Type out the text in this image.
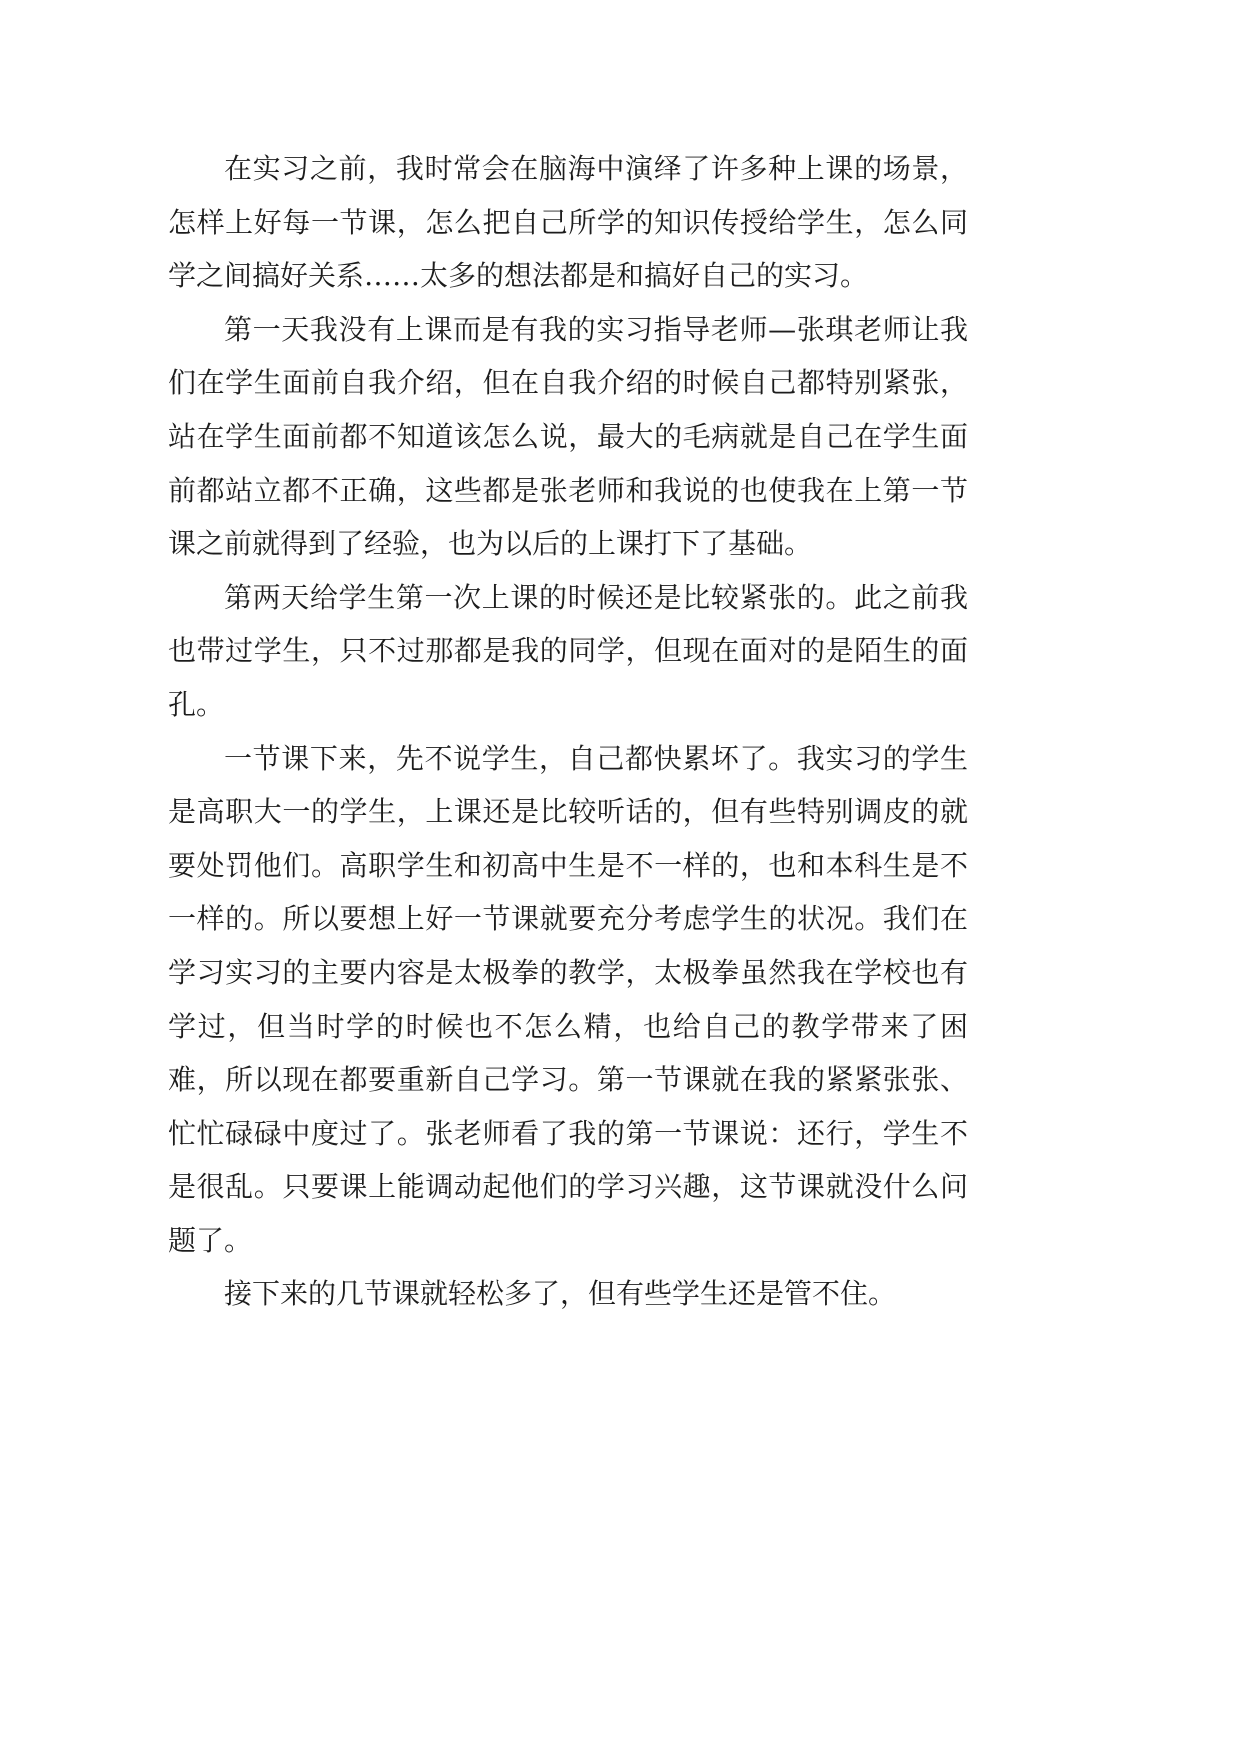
在实习之前，我时常会在脑海中演绎了许多种上课的场景，怎样上好每一节课，怎么把自己所学的知识传授给学生，怎么同学之间搞好关系……太多的想法都是和搞好自己的实习。

第一天我没有上课而是有我的实习指导老师—张琪老师让我们在学生面前自我介绍，但在自我介绍的时候自己都特别紧张，站在学生面前都不知道该怎么说，最大的毛病就是自己在学生面前都站立都不正确，这些都是张老师和我说的也使我在上第一节课之前就得到了经验，也为以后的上课打下了基础。

第两天给学生第一次上课的时候还是比较紧张的。此之前我也带过学生，只不过那都是我的同学，但现在面对的是陌生的面孔。

一节课下来，先不说学生，自己都快累坏了。我实习的学生是高职大一的学生，上课还是比较听话的，但有些特别调皮的就要处罚他们。高职学生和初高中生是不一样的，也和本科生是不一样的。所以要想上好一节课就要充分考虑学生的状况。我们在学习实习的主要内容是太极拳的教学，太极拳虽然我在学校也有学过，但当时学的时候也不怎么精，也给自己的教学带来了困难，所以现在都要重新自己学习。第一节课就在我的紧紧张张、忙忙碌碌中度过了。张老师看了我的第一节课说：还行，学生不是很乱。只要课上能调动起他们的学习兴趣，这节课就没什么问题了。

接下来的几节课就轻松多了，但有些学生还是管不住。
